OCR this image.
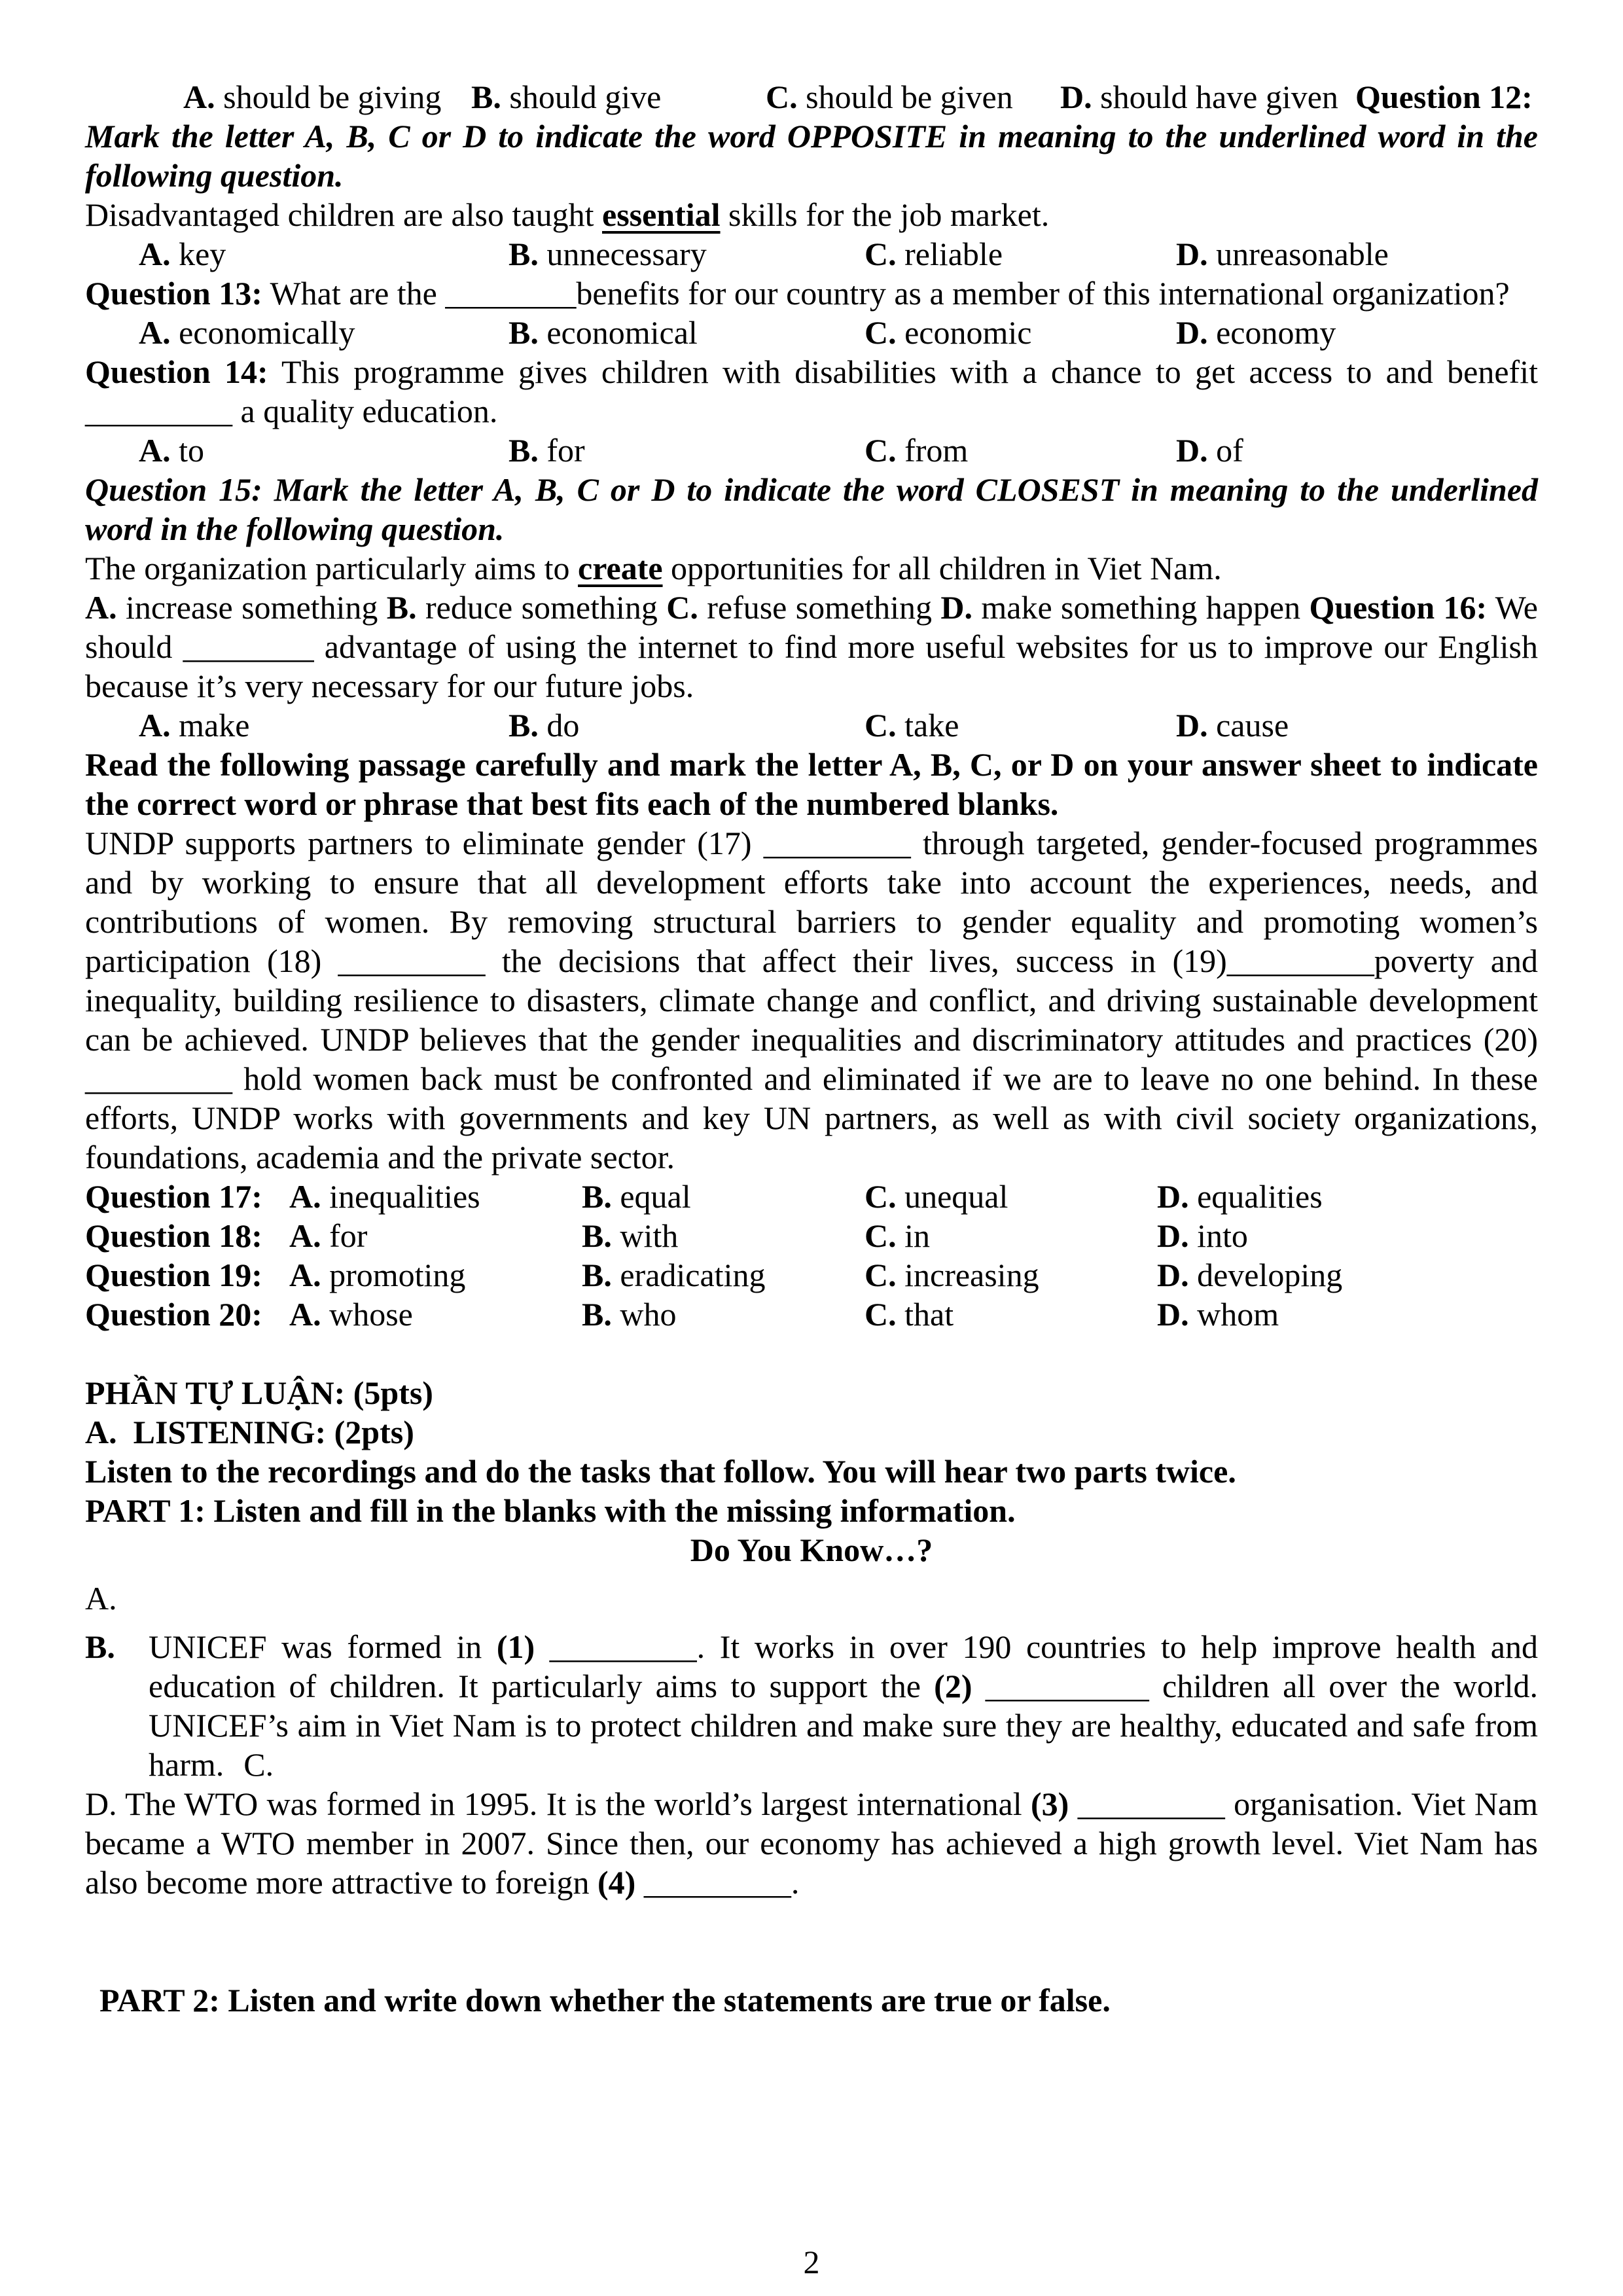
A. should be giving B. should give	C. should be given	D. should have given Question 12:
Mark the letter A, B, C or D to indicate the word OPPOSITE in meaning to the underlined word in the following question.
Disadvantaged children are also taught essential skills for the job market.
A. key	B. unnecessary	C. reliable	D. unreasonable
Question 13: What are the ________benefits for our country as a member of this international organization?
A. economically	B. economical	C. economic	D. economy
Question 14: This programme gives children with disabilities with a chance to get access to and benefit _________ a quality education.
A. to	B. for	C. from	D. of
Question 15: Mark the letter A, B, C or D to indicate the word CLOSEST in meaning to the underlined word in the following question.
The organization particularly aims to create opportunities for all children in Viet Nam.
A. increase something B. reduce something C. refuse something D. make something happen Question 16: We should ________ advantage of using the internet to find more useful websites for us to improve our English because it’s very necessary for our future jobs.
A. make	B. do	C. take	D. cause
Read the following passage carefully and mark the letter A, B, C, or D on your answer sheet to indicate the correct word or phrase that best fits each of the numbered blanks.
UNDP supports partners to eliminate gender (17) _________ through targeted, gender-focused programmes and by working to ensure that all development efforts take into account the experiences, needs, and contributions of women. By removing structural barriers to gender equality and promoting women’s participation (18) _________ the decisions that affect their lives, success in (19)_________poverty and inequality, building resilience to disasters, climate change and conflict, and driving sustainable development can be achieved. UNDP believes that the gender inequalities and discriminatory attitudes and practices (20) _________ hold women back must be confronted and eliminated if we are to leave no one behind. In these efforts, UNDP works with governments and key UN partners, as well as with civil society organizations, foundations, academia and the private sector.
Question 17: A. inequalities	B. equal	C. unequal	D. equalities
Question 18: A. for	B. with	C. in	D. into
Question 19: A. promoting	B. eradicating	C. increasing	D. developing
Question 20: A. whose	B. who	C. that	D. whom
PHẦN TỰ LUẬN: (5pts)
A.  LISTENING: (2pts)
Listen to the recordings and do the tasks that follow. You will hear two parts twice.
PART 1: Listen and fill in the blanks with the missing information.
Do You Know…?
A.
B. UNICEF was formed in (1) _________. It works in over 190 countries to help improve health and education of children. It particularly aims to support the (2) __________ children all over the world. UNICEF’s aim in Viet Nam is to protect children and make sure they are healthy, educated and safe from harm. C.
D. The WTO was formed in 1995. It is the world’s largest international (3) _________ organisation. Viet Nam became a WTO member in 2007. Since then, our economy has achieved a high growth level. Viet Nam has also become more attractive to foreign (4) _________.
PART 2: Listen and write down whether the statements are true or false.
2
